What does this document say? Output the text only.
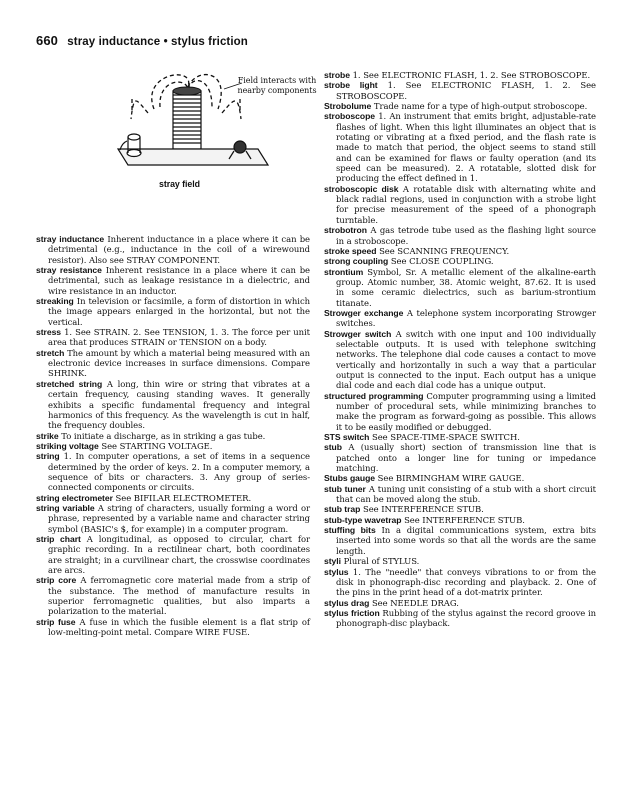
660 stray inductance • stylus friction
Field interacts with nearby components
stray field

stray inductance Inherent inductance in a place where it can be detrimental (e.g., inductance in the coil of a wirewound resistor). Also see STRAY COMPONENT.

stray resistance Inherent resistance in a place where it can be detrimental, such as leakage resistance in a dielectric, and wire resistance in an inductor.

streaking In television or facsimile, a form of distortion in which the image appears enlarged in the horizontal, but not the vertical.

stress 1. See STRAIN. 2. See TENSION, 1. 3. The force per unit area that produces STRAIN or TENSION on a body.

stretch The amount by which a material being measured with an electronic device increases in surface dimensions. Compare SHRINK.

stretched string A long, thin wire or string that vibrates at a certain frequency, causing standing waves. It generally exhibits a specific fundamental frequency and integral harmonics of this frequency. As the wavelength is cut in half, the frequency doubles.

strike To initiate a discharge, as in striking a gas tube.

striking voltage See STARTING VOLTAGE.

string 1. In computer operations, a set of items in a sequence determined by the order of keys. 2. In a computer memory, a sequence of bits or characters. 3. Any group of series-connected components or circuits.

string electrometer See BIFILAR ELECTROMETER.

string variable A string of characters, usually forming a word or phrase, represented by a variable name and character string symbol (BASIC's $, for example) in a computer program.

strip chart A longitudinal, as opposed to circular, chart for graphic recording. In a rectilinear chart, both coordinates are straight; in a curvilinear chart, the crosswise coordinates are arcs.

strip core A ferromagnetic core material made from a strip of the substance. The method of manufacture results in superior ferromagnetic qualities, but also imparts a polarization to the material.

strip fuse A fuse in which the fusible element is a flat strip of low-melting-point metal. Compare WIRE FUSE.

strobe 1. See ELECTRONIC FLASH, 1. 2. See STROBOSCOPE.

strobe light 1. See ELECTRONIC FLASH, 1. 2. See STROBOSCOPE.

Strobolume Trade name for a type of high-output stroboscope.

stroboscope 1. An instrument that emits bright, adjustable-rate flashes of light. When this light illuminates an object that is rotating or vibrating at a fixed period, and the flash rate is made to match that period, the object seems to stand still and can be examined for flaws or faulty operation (and its speed can be measured). 2. A rotatable, slotted disk for producing the effect defined in 1.

stroboscopic disk A rotatable disk with alternating white and black radial regions, used in conjunction with a strobe light for precise measurement of the speed of a phonograph turntable.

strobotron A gas tetrode tube used as the flashing light source in a stroboscope.

stroke speed See SCANNING FREQUENCY.

strong coupling See CLOSE COUPLING.

strontium Symbol, Sr. A metallic element of the alkaline-earth group. Atomic number, 38. Atomic weight, 87.62. It is used in some ceramic dielectrics, such as barium-strontium titanate.

Strowger exchange A telephone system incorporating Strowger switches.

Strowger switch A switch with one input and 100 individually selectable outputs. It is used with telephone switching networks. The telephone dial code causes a contact to move vertically and horizontally in such a way that a particular output is connected to the input. Each output has a unique dial code and each dial code has a unique output.

structured programming Computer programming using a limited number of procedural sets, while minimizing branches to make the program as forward-going as possible. This allows it to be easily modified or debugged.

STS switch See SPACE-TIME-SPACE SWITCH.

stub A (usually short) section of transmission line that is patched onto a longer line for tuning or impedance matching.

Stubs gauge See BIRMINGHAM WIRE GAUGE.

stub tuner A tuning unit consisting of a stub with a short circuit that can be moved along the stub.

stub trap See INTERFERENCE STUB.

stub-type wavetrap See INTERFERENCE STUB.

stuffing bits In a digital communications system, extra bits inserted into some words so that all the words are the same length.

styli Plural of STYLUS.

stylus 1. The "needle" that conveys vibrations to or from the disk in phonograph-disc recording and playback. 2. One of the pins in the print head of a dot-matrix printer.

stylus drag See NEEDLE DRAG.

stylus friction Rubbing of the stylus against the record groove in phonograph-disc playback.
